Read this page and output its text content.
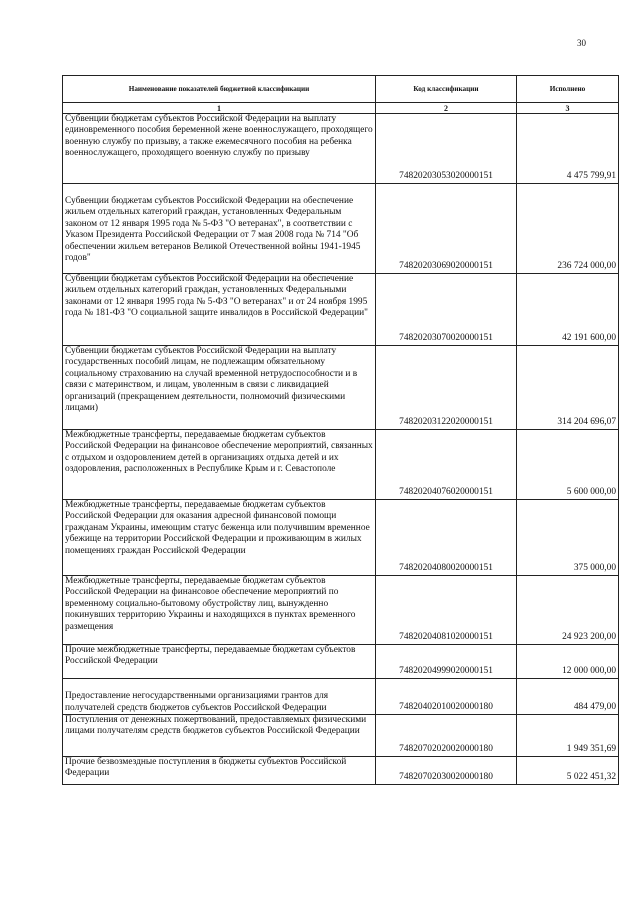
30
Наименование показателей бюджетной классификации	Код классификации	Исполнено
1	2	3

Субвенции бюджетам субъектов Российской Федерации на выплату единовременного пособия беременной жене военнослужащего, проходящего военную службу по призыву, а также ежемесячного пособия на ребенка военнослужащего, проходящего военную службу по призыву	74820203053020000151	4 475 799,91

Субвенции бюджетам субъектов Российской Федерации на обеспечение жильем отдельных категорий граждан, установленных Федеральным законом от 12 января 1995 года № 5-ФЗ "О ветеранах", в соответствии с Указом Президента Российской Федерации от 7 мая 2008 года № 714 "Об обеспечении жильем ветеранов Великой Отечественной войны 1941-1945 годов"	74820203069020000151	236 724 000,00

Субвенции бюджетам субъектов Российской Федерации на обеспечение жильем отдельных категорий граждан, установленных Федеральными законами от 12 января 1995 года № 5-ФЗ "О ветеранах" и от 24 ноября 1995 года № 181-ФЗ "О социальной защите инвалидов в Российской Федерации"	74820203070020000151	42 191 600,00

Субвенции бюджетам субъектов Российской Федерации на выплату государственных пособий лицам, не подлежащим обязательному социальному страхованию на случай временной нетрудоспособности и в связи с материнством, и лицам, уволенным в связи с ликвидацией организаций (прекращением деятельности, полномочий физическими лицами)	74820203122020000151	314 204 696,07

Межбюджетные трансферты, передаваемые бюджетам субъектов Российской Федерации на финансовое обеспечение мероприятий, связанных с отдыхом и оздоровлением детей в организациях отдыха детей и их оздоровления, расположенных в Республике Крым и г. Севастополе	74820204076020000151	5 600 000,00

Межбюджетные трансферты, передаваемые бюджетам субъектов Российской Федерации для оказания адресной финансовой помощи гражданам Украины, имеющим статус беженца или получившим временное убежище на территории Российской Федерации и проживающим в жилых помещениях граждан Российской Федерации	74820204080020000151	375 000,00

Межбюджетные трансферты, передаваемые бюджетам субъектов Российской Федерации на финансовое обеспечение мероприятий по временному социально-бытовому обустройству лиц, вынужденно покинувших территорию Украины и находящихся в пунктах временного размещения	74820204081020000151	24 923 200,00

Прочие межбюджетные трансферты, передаваемые бюджетам субъектов Российской Федерации	74820204999020000151	12 000 000,00

Предоставление негосударственными организациями грантов для получателей средств бюджетов субъектов Российской Федерации	74820402010020000180	484 479,00

Поступления от денежных пожертвований, предоставляемых физическими лицами получателям средств бюджетов субъектов Российской Федерации	74820702020020000180	1 949 351,69

Прочие безвозмездные поступления в бюджеты субъектов Российской Федерации	74820702030020000180	5 022 451,32
